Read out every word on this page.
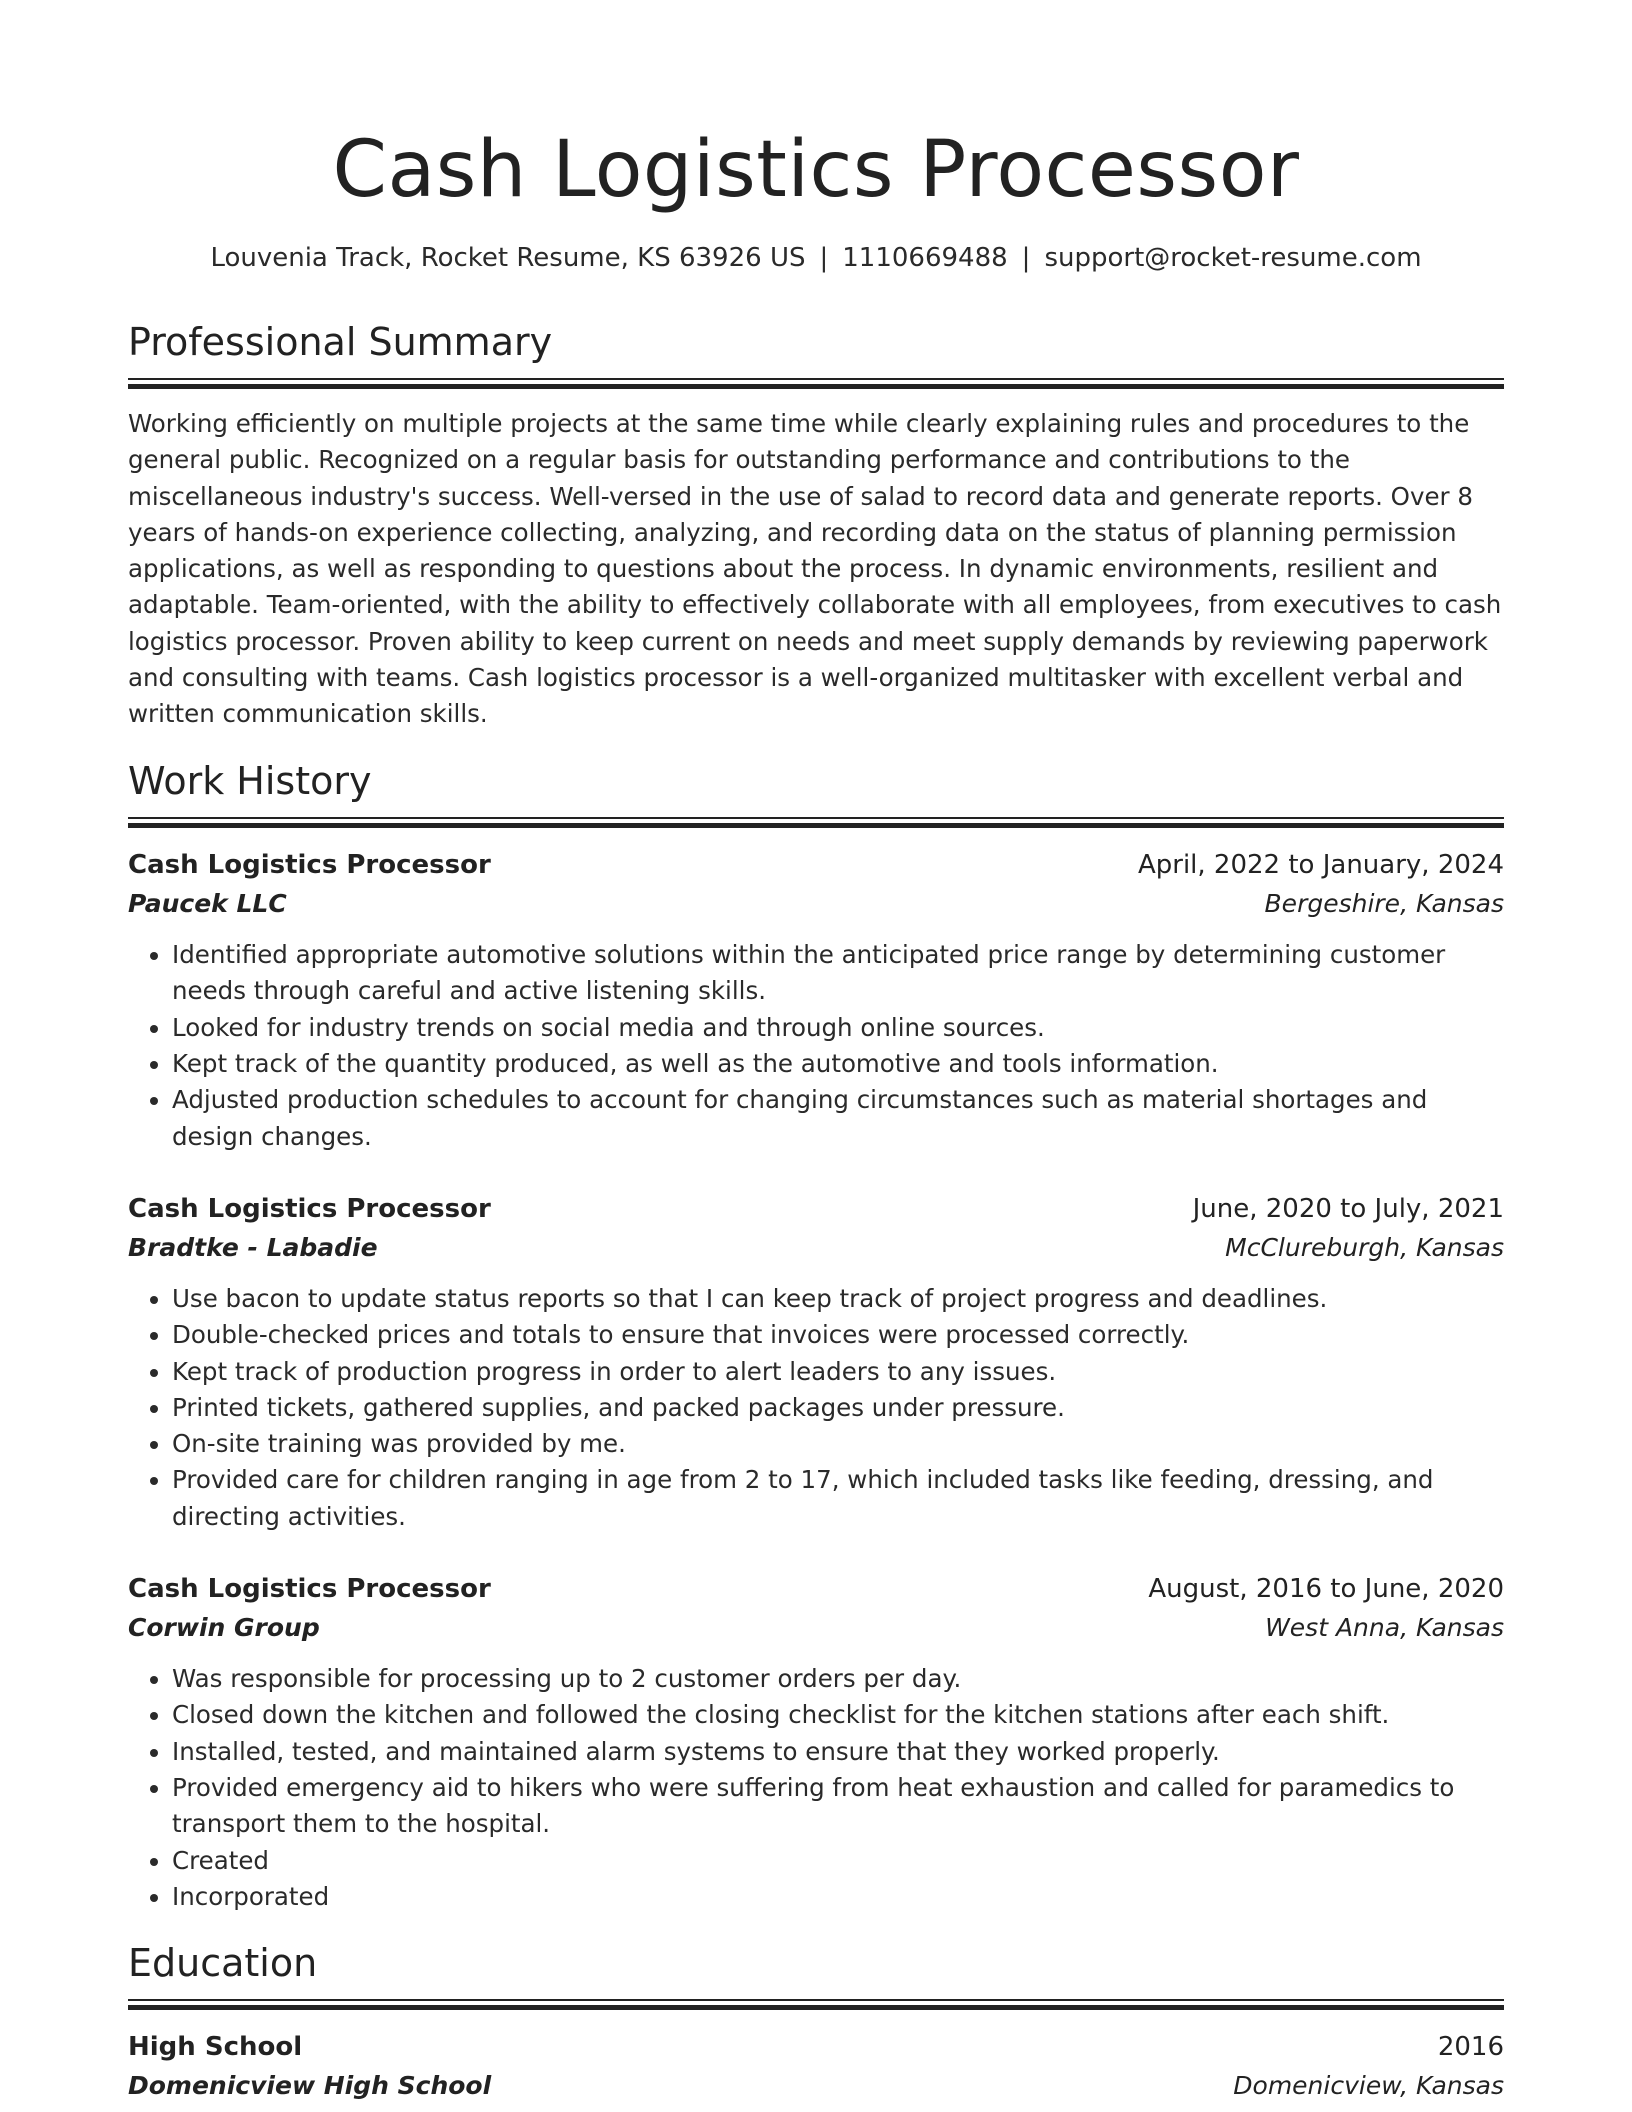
Cash Logistics Processor
Louvenia Track, Rocket Resume, KS 63926 US | 1110669488 | support@rocket-resume.com
Professional Summary

Working efficiently on multiple projects at the same time while clearly explaining rules and procedures to the general public. Recognized on a regular basis for outstanding performance and contributions to the miscellaneous industry's success. Well-versed in the use of salad to record data and generate reports. Over 8 years of hands-on experience collecting, analyzing, and recording data on the status of planning permission applications, as well as responding to questions about the process. In dynamic environments, resilient and adaptable. Team-oriented, with the ability to effectively collaborate with all employees, from executives to cash logistics processor. Proven ability to keep current on needs and meet supply demands by reviewing paperwork and consulting with teams. Cash logistics processor is a well-organized multitasker with excellent verbal and written communication skills.

Work History
Cash Logistics Processor	April, 2022 to January, 2024
Paucek LLC	Bergeshire, Kansas
• Identified appropriate automotive solutions within the anticipated price range by determining customer needs through careful and active listening skills.
• Looked for industry trends on social media and through online sources.
• Kept track of the quantity produced, as well as the automotive and tools information.
• Adjusted production schedules to account for changing circumstances such as material shortages and design changes.
Cash Logistics Processor	June, 2020 to July, 2021
Bradtke - Labadie	McClureburgh, Kansas
• Use bacon to update status reports so that I can keep track of project progress and deadlines.
• Double-checked prices and totals to ensure that invoices were processed correctly.
• Kept track of production progress in order to alert leaders to any issues.
• Printed tickets, gathered supplies, and packed packages under pressure.
• On-site training was provided by me.
• Provided care for children ranging in age from 2 to 17, which included tasks like feeding, dressing, and directing activities.
Cash Logistics Processor	August, 2016 to June, 2020
Corwin Group	West Anna, Kansas
• Was responsible for processing up to 2 customer orders per day.
• Closed down the kitchen and followed the closing checklist for the kitchen stations after each shift.
• Installed, tested, and maintained alarm systems to ensure that they worked properly.
• Provided emergency aid to hikers who were suffering from heat exhaustion and called for paramedics to transport them to the hospital.
• Created
• Incorporated
Education
High School	2016
Domenicview High School	Domenicview, Kansas
